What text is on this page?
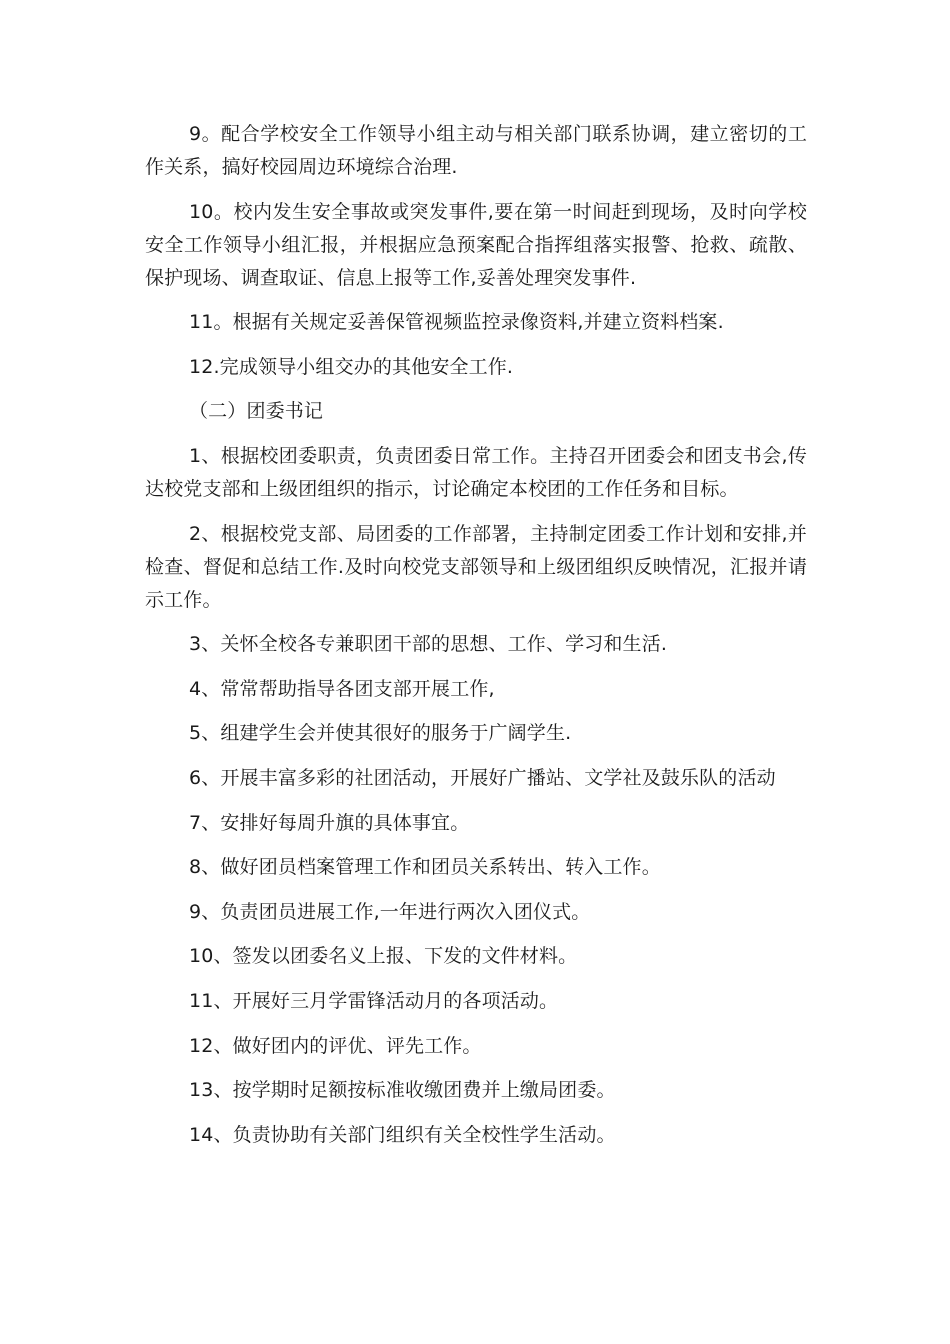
9。配合学校安全工作领导小组主动与相关部门联系协调，建立密切的工作关系，搞好校园周边环境综合治理.

10。校内发生安全事故或突发事件,要在第一时间赶到现场，及时向学校安全工作领导小组汇报，并根据应急预案配合指挥组落实报警、抢救、疏散、保护现场、调查取证、信息上报等工作,妥善处理突发事件.

11。根据有关规定妥善保管视频监控录像资料,并建立资料档案.

12.完成领导小组交办的其他安全工作.

（二）团委书记

1、根据校团委职责，负责团委日常工作。主持召开团委会和团支书会,传达校党支部和上级团组织的指示，讨论确定本校团的工作任务和目标。

2、根据校党支部、局团委的工作部署，主持制定团委工作计划和安排,并检查、督促和总结工作.及时向校党支部领导和上级团组织反映情况，汇报并请示工作。

3、关怀全校各专兼职团干部的思想、工作、学习和生活.

4、常常帮助指导各团支部开展工作,

5、组建学生会并使其很好的服务于广阔学生.

6、开展丰富多彩的社团活动，开展好广播站、文学社及鼓乐队的活动

7、安排好每周升旗的具体事宜。

8、做好团员档案管理工作和团员关系转出、转入工作。

9、负责团员进展工作,一年进行两次入团仪式。

10、签发以团委名义上报、下发的文件材料。

11、开展好三月学雷锋活动月的各项活动。

12、做好团内的评优、评先工作。

13、按学期时足额按标准收缴团费并上缴局团委。

14、负责协助有关部门组织有关全校性学生活动。
